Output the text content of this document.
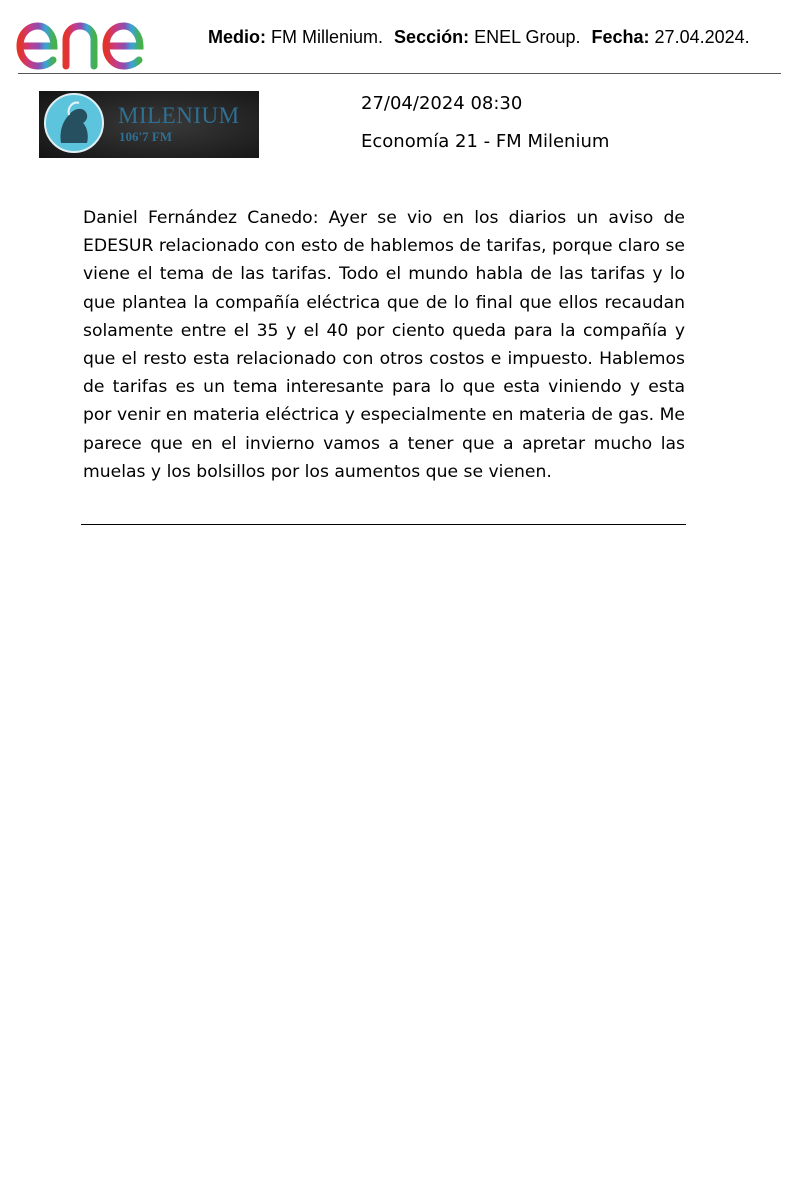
enel
Medio: FM Millenium. Sección: ENEL Group. Fecha: 27.04.2024.
MILENIUM
106'7 FM
27/04/2024 08:30
Economía 21 - FM Milenium
Daniel Fernández Canedo: Ayer se vio en los diarios un aviso de EDESUR relacionado con esto de hablemos de tarifas, porque claro se viene el tema de las tarifas. Todo el mundo habla de las tarifas y lo que plantea la compañía eléctrica que de lo final que ellos recaudan solamente entre el 35 y el 40 por ciento queda para la compañía y que el resto esta relacionado con otros costos e impuesto. Hablemos de tarifas es un tema interesante para lo que esta viniendo y esta por venir en materia eléctrica y especialmente en materia de gas. Me parece que en el invierno vamos a tener que a apretar mucho las muelas y los bolsillos por los aumentos que se vienen.
